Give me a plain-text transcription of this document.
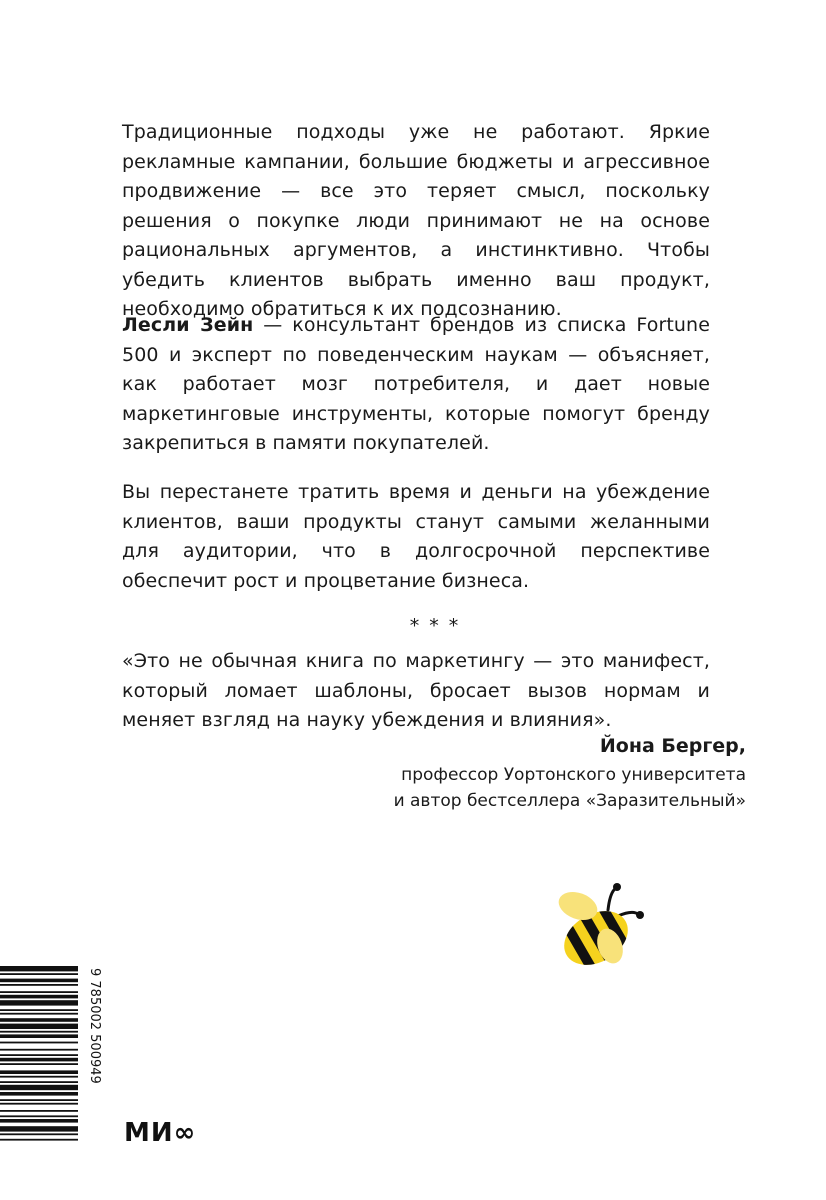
Традиционные подходы уже не работают. Яркие рекламные кампании, большие бюджеты и агрессивное продвижение — все это теряет смысл, поскольку решения о покупке люди принимают не на основе рациональных аргументов, а инстинктивно. Чтобы убедить клиентов выбрать именно ваш продукт, необходимо обратиться к их подсознанию.

Лесли Зейн — консультант брендов из списка Fortune 500 и эксперт по поведенческим наукам — объясняет, как работает мозг потребителя, и дает новые маркетинговые инструменты, которые помогут бренду закрепиться в памяти покупателей.

Вы перестанете тратить время и деньги на убеждение клиентов, ваши продукты станут самыми желанными для аудитории, что в долгосрочной перспективе обеспечит рост и процветание бизнеса.

* * *

«Это не обычная книга по маркетингу — это манифест, который ломает шаблоны, бросает вызов нормам и меняет взгляд на науку убеждения и влияния».

Йона Бергер,
профессор Уортонского университета
и автор бестселлера «Заразительный»
9 785002 500949
МИ∞
